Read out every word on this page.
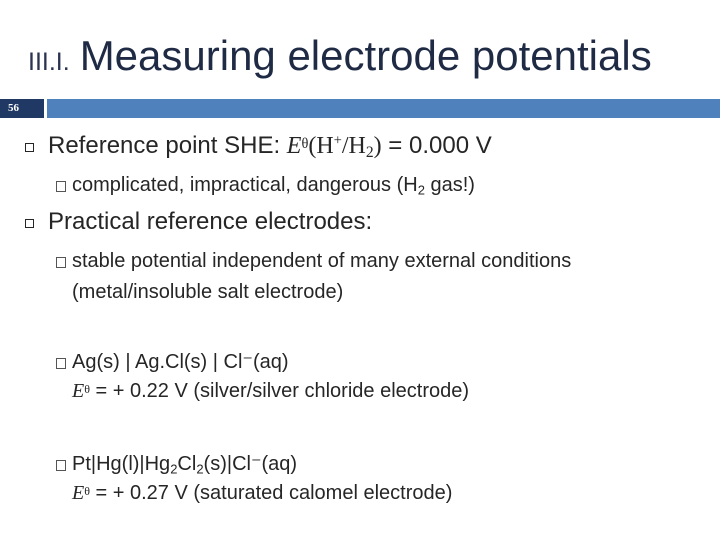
III.I. Measuring electrode potentials
56
Reference point SHE: $E^\theta(H^+/H_2) = 0.000$ V
complicated, impractical, dangerous ($H_2$ gas!)
Practical reference electrodes:
stable potential independent of many external conditions
(metal/insoluble salt electrode)
Ag(s) | Ag.Cl(s) | Cl⁻(aq)
$E^\theta$ = + 0.22 V (silver/silver chloride electrode)
$Pt|Hg(l)|Hg_2Cl_2(s)|Cl^-(aq)$
$E^\theta$ = + 0.27 V (saturated calomel electrode)
